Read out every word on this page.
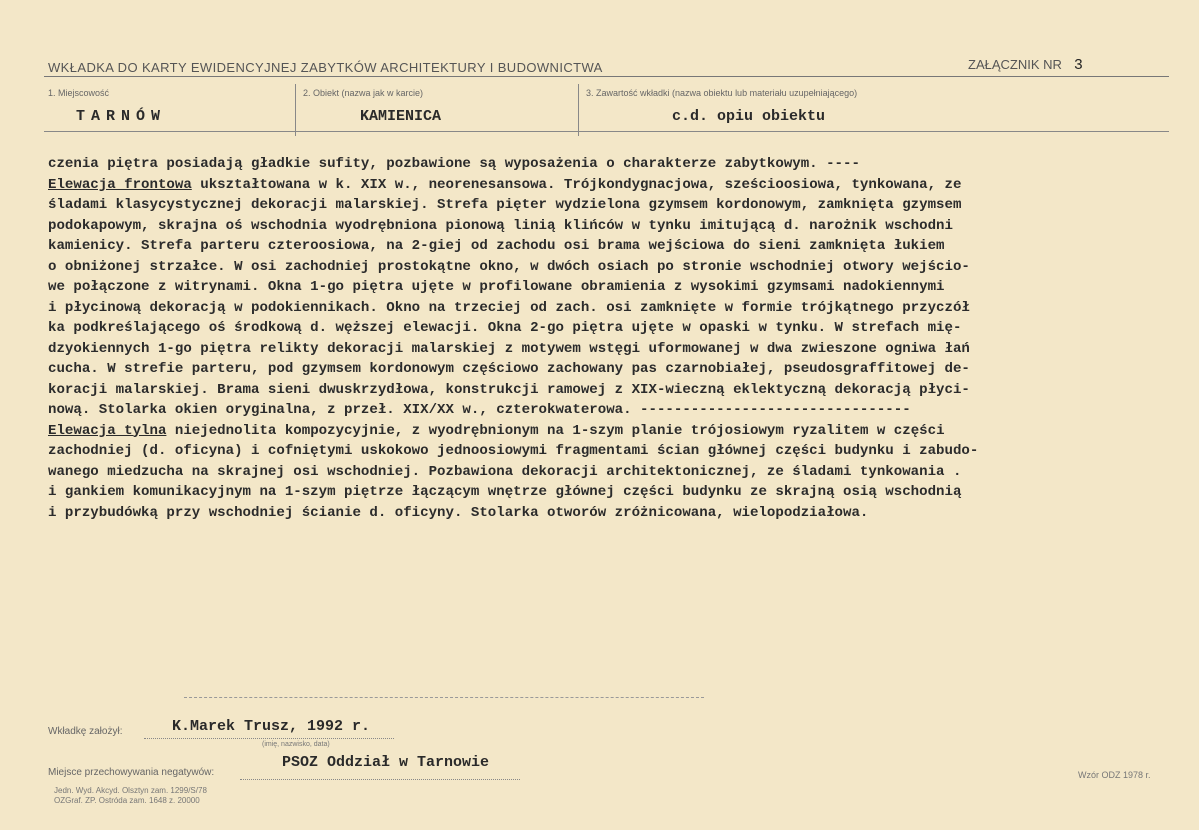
WKŁADKA DO KARTY EWIDENCYJNEJ ZABYTKÓW ARCHITEKTURY I BUDOWNICTWA	ZAŁĄCZNIK NR 3
1. Miejscowość
TARNÓW
2. Obiekt (nazwa jak w karcie)
KAMIENICA
3. Zawartość wkładki (nazwa obiektu lub materiału uzupełniającego)
c.d. opiu obiektu
czenia piętra posiadają gładkie sufity, pozbawione są wyposażenia o charakterze zabytkowym. ----
Elewacja frontowa ukształtowana w k. XIX w., neorenesansowa. Trójkondygnacjowa, sześcioosiowa, tynkowana, ze
śladami klasycystycznej dekoracji malarskiej. Strefa pięter wydzielona gzymsem kordonowym, zamknięta gzymsem
podokapowym, skrajna oś wschodnia wyodrębniona pionową linią klińców w tynku imitującą d. narożnik wschodni
kamienicy. Strefa parteru czteroosiowa, na 2-giej od zachodu osi brama wejściowa do sieni zamknięta łukiem
o obniżonej strzałce. W osi zachodniej prostokątne okno, w dwóch osiach po stronie wschodniej otwory wejścio-
we połączone z witrynami. Okna 1-go piętra ujęte w profilowane obramienia z wysokimi gzymsami nadokiennymi
i płycinową dekoracją w podokiennikach. Okno na trzeciej od zach. osi zamknięte w formie trójkątnego przyczół
ka podkreślającego oś środkową d. węższej elewacji. Okna 2-go piętra ujęte w opaski w tynku. W strefach mię-
dzyokiennych 1-go piętra relikty dekoracji malarskiej z motywem wstęgi uformowanej w dwa zwieszone ogniwa łań
cucha. W strefie parteru, pod gzymsem kordonowym częściowo zachowany pas czarnobiałej, pseudosgraffitowej de-
koracji malarskiej. Brama sieni dwuskrzydłowa, konstrukcji ramowej z XIX-wieczną eklektyczną dekoracją płyci-
nową. Stolarka okien oryginalna, z przeł. XIX/XX w., czterokwaterowa. --------------------------------
Elewacja tylna niejednolita kompozycyjnie, z wyodrębnionym na 1-szym planie trójosiowym ryzalitem w części
zachodniej (d. oficyna) i cofniętymi uskokowo jednoosiowymi fragmentami ścian głównej części budynku i zabudo-
wanego miedzucha na skrajnej osi wschodniej. Pozbawiona dekoracji architektonicznej, ze śladami tynkowania .
i gankiem komunikacyjnym na 1-szym piętrze łączącym wnętrze głównej części budynku ze skrajną osią wschodnią
i przybudówką przy wschodniej ścianie d. oficyny. Stolarka otworów zróżnicowana, wielopodziałowa.
Wkładkę założył:	K.Marek Trusz, 1992 r.
(imię, nazwisko, data)
Miejsce przechowywania negatywów:
PSOZ Oddział w Tarnowie
Jedn. Wyd. Akcyd. Olsztyn zam. 1299/S/78
OZGraf. ZP. Ostróda zam. 1648 z. 20000
Wzór ODZ 1978 r.
